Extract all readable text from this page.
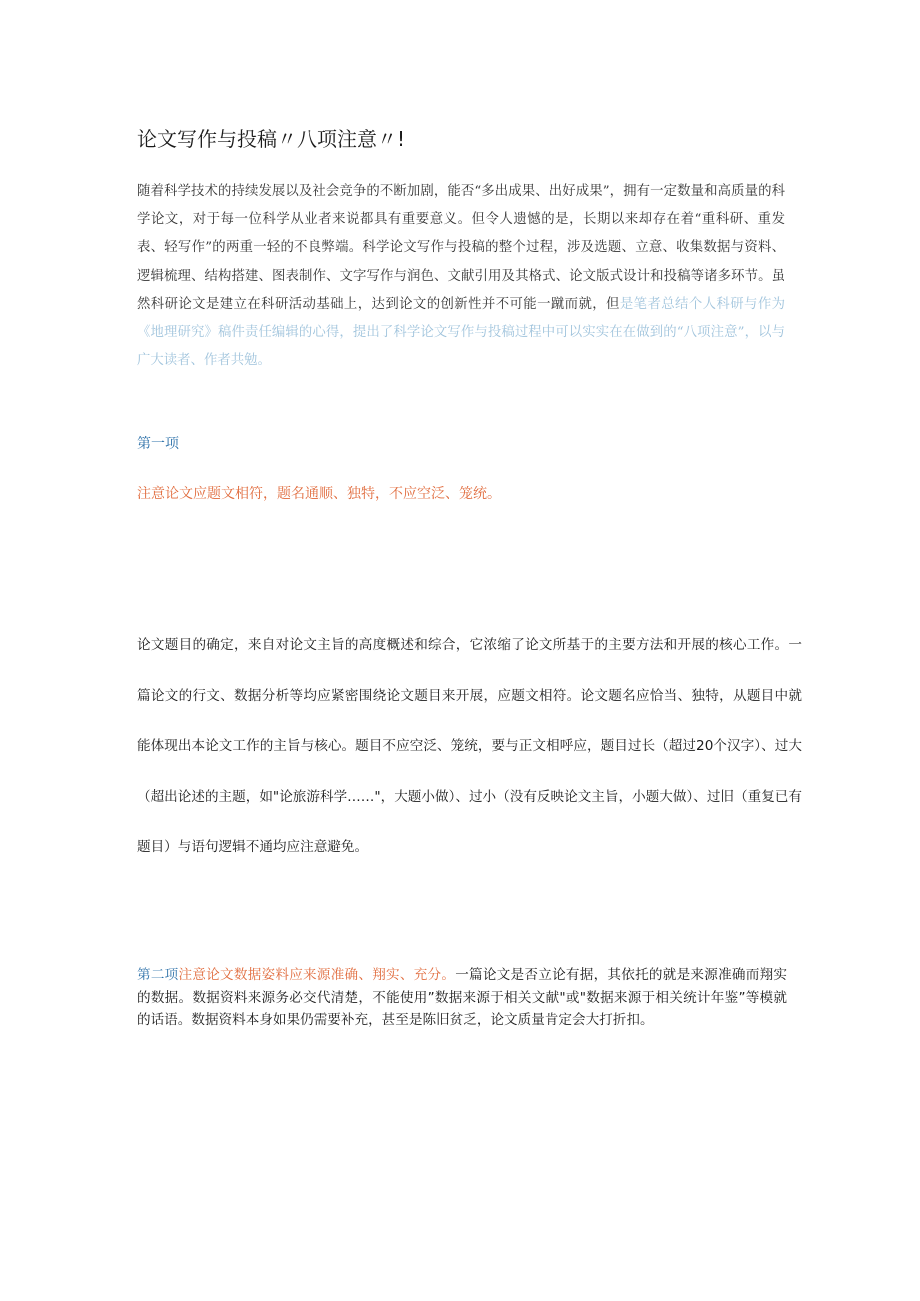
论文写作与投稿〃八项注意〃!

随着科学技术的持续发展以及社会竞争的不断加剧，能否“多出成果、出好成果”，拥有一定数量和高质量的科学论文，对于每一位科学从业者来说都具有重要意义。但令人遗憾的是，长期以来却存在着“重科研、重发表、轻写作”的两重一轻的不良弊端。科学论文写作与投稿的整个过程，涉及选题、立意、收集数据与资料、逻辑梳理、结构搭建、图表制作、文字写作与润色、文献引用及其格式、论文版式设计和投稿等诸多环节。虽然科研论文是建立在科研活动基础上，达到论文的创新性并不可能一蹴而就，但是笔者总结个人科研与作为《地理研究》稿件责任编辑的心得，提出了科学论文写作与投稿过程中可以实实在在做到的“八项注意”，以与广大读者、作者共勉。

第一项

注意论文应题文相符，题名通顺、独特，不应空泛、笼统。

论文题目的确定，来自对论文主旨的高度概述和综合，它浓缩了论文所基于的主要方法和开展的核心工作。一篇论文的行文、数据分析等均应紧密围绕论文题目来开展，应题文相符。论文题名应恰当、独特，从题目中就能体现出本论文工作的主旨与核心。题目不应空泛、笼统，要与正文相呼应，题目过长（超过20个汉字）、过大（超出论述的主题，如"论旅游科学……"，大题小做）、过小（没有反映论文主旨，小题大做）、过旧（重复已有题目）与语句逻辑不通均应注意避免。

第二项注意论文数据姿料应来源准确、翔实、充分。一篇论文是否立论有据，其依托的就是来源准确而翔实的数据。数据资料来源务必交代清楚，不能使用”数据来源于相关文献"或"数据来源于相关统计年鉴”等模就的话语。数据资料本身如果仍需要补充，甚至是陈旧贫乏，论文质量肯定会大打折扣。
